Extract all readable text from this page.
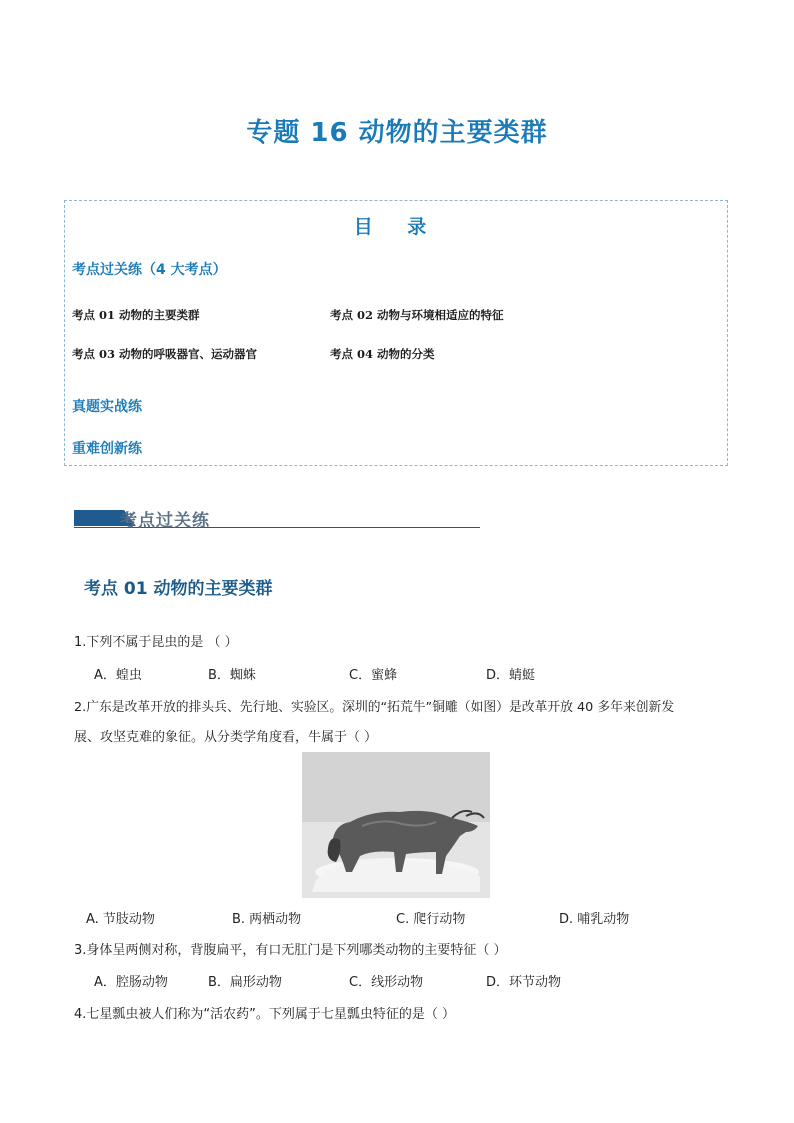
专题 16 动物的主要类群
目 录
考点过关练（4 大考点）
考点 01 动物的主要类群	考点 02 动物与环境相适应的特征
考点 03 动物的呼吸器官、运动器官	考点 04 动物的分类
真题实战练
重难创新练
考点过关练
考点 01 动物的主要类群
1.下列不属于昆虫的是 （ ）
A．蝗虫	B．蜘蛛	C．蜜蜂	D．蜻蜓
2.广东是改革开放的排头兵、先行地、实验区。深圳的“拓荒牛”铜雕（如图）是改革开放 40 多年来创新发
展、攻坚克难的象征。从分类学角度看，牛属于（ ）
A. 节肢动物	B. 两栖动物	C. 爬行动物	D. 哺乳动物
3.身体呈两侧对称，背腹扁平，有口无肛门是下列哪类动物的主要特征（ ）
A．腔肠动物	B．扁形动物	C．线形动物	D．环节动物
4.七星瓢虫被人们称为“活农药”。下列属于七星瓢虫特征的是（ ）
